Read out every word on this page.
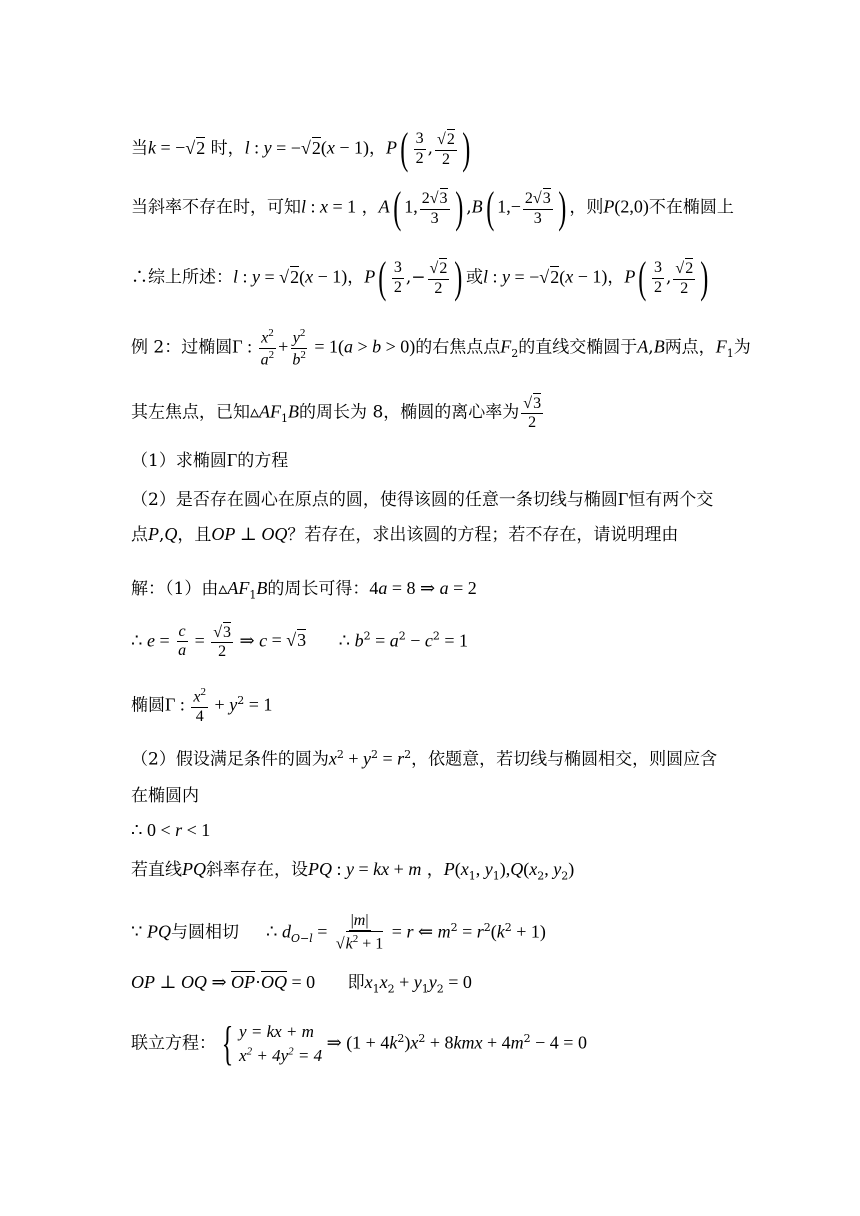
当k = −√2 时，l : y = −√2(x − 1)，$P( \frac{3}{2}$ , $\frac{√2}{2}$ )
当斜率不存在时，可知l : x = 1 ，A( 1, $\frac{2√3}{3}$ ) ,B( $1,- \frac{2√3}{3}$ ) ，则P(2,0)不在椭圆上
∴综上所述：l : y = √2(x − 1)，$P( \frac{3}{2}$ ,− $\frac{√2}{2}$ ) 或l : y = −√2(x − 1)，$P( \frac{3}{2}$ , $\frac{√2}{2}$ )
例 2：过椭圆Γ : $\frac{x^2}{a^2} + \frac{y^2}{b^2} = 1(a > b > 0)$的右焦点点$F_2$的直线交椭圆于A,B两点，$F_1$为
其左焦点，已知$▵AF_1B$的周长为 8，椭圆的离心率为 $\frac{√3}{2}$
（1）求椭圆Γ的方程
（2）是否存在圆心在原点的圆，使得该圆的任意一条切线与椭圆Γ恒有两个交
点P,Q，且OP ⊥ OQ？若存在，求出该圆的方程；若不存在，请说明理由
解：（1）由$▵AF_1B$的周长可得：4a = 8 ⇒ a = 2
∴ $e = \frac{c}{a} = \frac{√3}{2}$ ⇒ c = √3 ∴ $b^2 = a^2 - c^2 = 1$
椭圆Γ : $\frac{x^2}{4} + y^2 = 1$
（2）假设满足条件的圆为$x^2 + y^2 = r^2$，依题意，若切线与椭圆相交，则圆应含
在椭圆内
∴ 0 < r < 1
若直线PQ斜率存在，设PQ : y = kx + m ，$P(x_1$, $y_1),Q(x_2$, $y_2$)
∵ PQ与圆相切     ∴ $d_{O-l} = \frac{|m|}{√k^2 + 1} = r$ ⇐ $m^2 = r^2(k^2 + 1)$
OP ⊥ OQ ⇒ $\overline{OP}\cdot\overline{OQ} = 0$      即$x_1x_2 + y_1y_2 = 0$
联立方程： { y = kx + m
$x^2 + 4y^2 = 4$
⇒ $(1 + 4k^2)x^2 + 8kmx + 4m^2 - 4 = 0$
